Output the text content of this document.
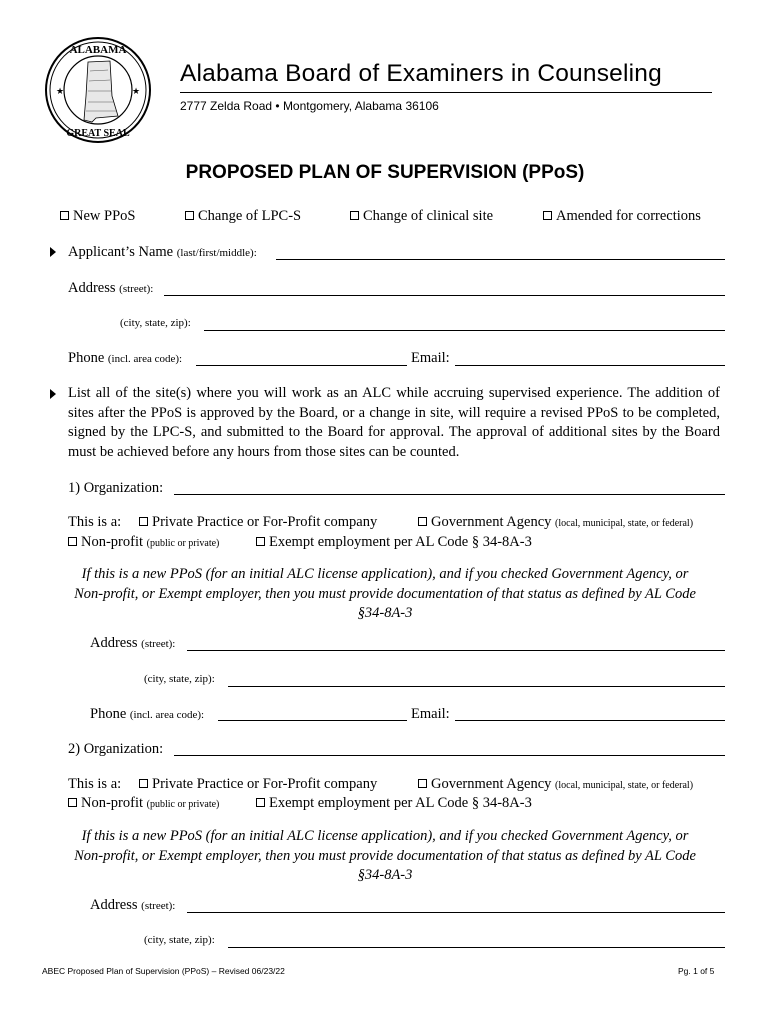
ALABAMA
GREAT SEAL
★	★
Alabama Board of Examiners in Counseling
2777 Zelda Road • Montgomery, Alabama 36106
PROPOSED PLAN OF SUPERVISION (PPoS)
New PPoS	Change of LPC-S	Change of clinical site	Amended for corrections
Applicant’s Name (last/first/middle):
Address (street):
(city, state, zip):
Phone (incl. area code):	Email:
List all of the site(s) where you will work as an ALC while accruing supervised experience. The addition of sites after the PPoS is approved by the Board, or a change in site, will require a revised PPoS to be completed, signed by the LPC-S, and submitted to the Board for approval. The approval of additional sites by the Board must be achieved before any hours from those sites can be counted.
1) Organization:
This is a:	Private Practice or For-Profit company	Government Agency (local, municipal, state, or federal)
Non-profit (public or private)	Exempt employment per AL Code § 34-8A-3
If this is a new PPoS (for an initial ALC license application), and if you checked Government Agency, or
Non-profit, or Exempt employer, then you must provide documentation of that status as defined by AL Code
§34-8A-3
Address (street):
(city, state, zip):
Phone (incl. area code):	Email:
2) Organization:
This is a:	Private Practice or For-Profit company	Government Agency (local, municipal, state, or federal)
Non-profit (public or private)	Exempt employment per AL Code § 34-8A-3
If this is a new PPoS (for an initial ALC license application), and if you checked Government Agency, or
Non-profit, or Exempt employer, then you must provide documentation of that status as defined by AL Code
§34-8A-3
Address (street):
(city, state, zip):
ABEC Proposed Plan of Supervision (PPoS) – Revised 06/23/22	Pg. 1 of 5
